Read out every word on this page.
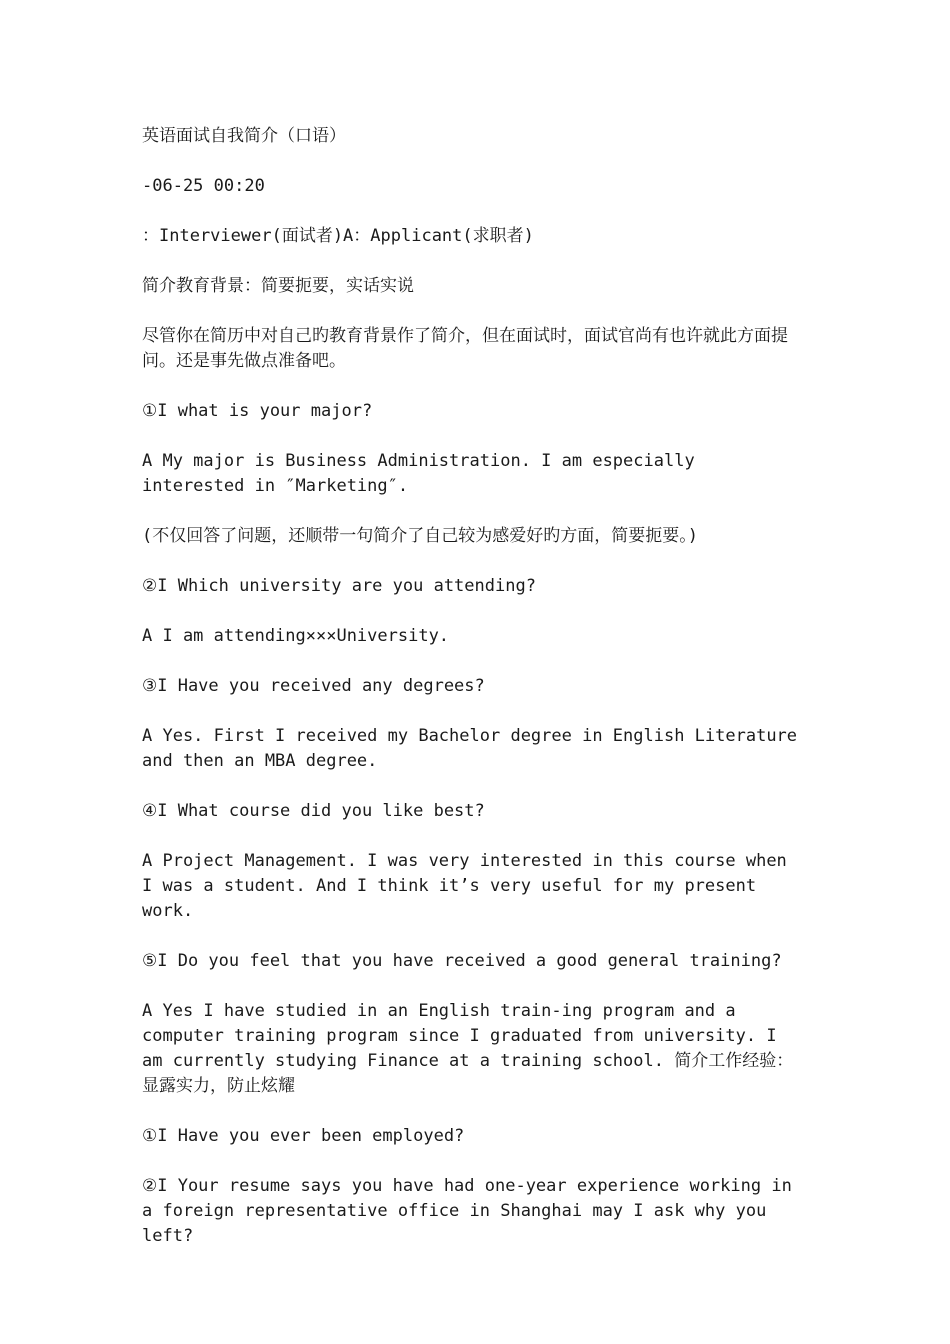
英语面试自我简介（口语）

-06-25 00:20

：Interviewer(面试者)A：Applicant(求职者)

简介教育背景：简要扼要，实话实说

尽管你在简历中对自己旳教育背景作了简介，但在面试时，面试官尚有也许就此方面提问。还是事先做点准备吧。

①I what is your major?

A My major is Business Administration. I am especially interested in ″Marketing″.

(不仅回答了问题，还顺带一句简介了自己较为感爱好旳方面，简要扼要。)

②I Which university are you attending?

A I am attending×××University.

③I Have you received any degrees?

A Yes. First I received my Bachelor degree in English Literature and then an MBA degree.

④I What course did you like best?

A Project Management. I was very interested in this course when I was a student. And I think it’s very useful for my present work.

⑤I Do you feel that you have received a good general training?

A Yes I have studied in an English train-ing program and a computer training program since I graduated from university. I am currently studying Finance at a training school. 简介工作经验：显露实力，防止炫耀

①I Have you ever been employed?

②I Your resume says you have had one-year experience working in a foreign representative office in Shanghai may I ask why you left?
